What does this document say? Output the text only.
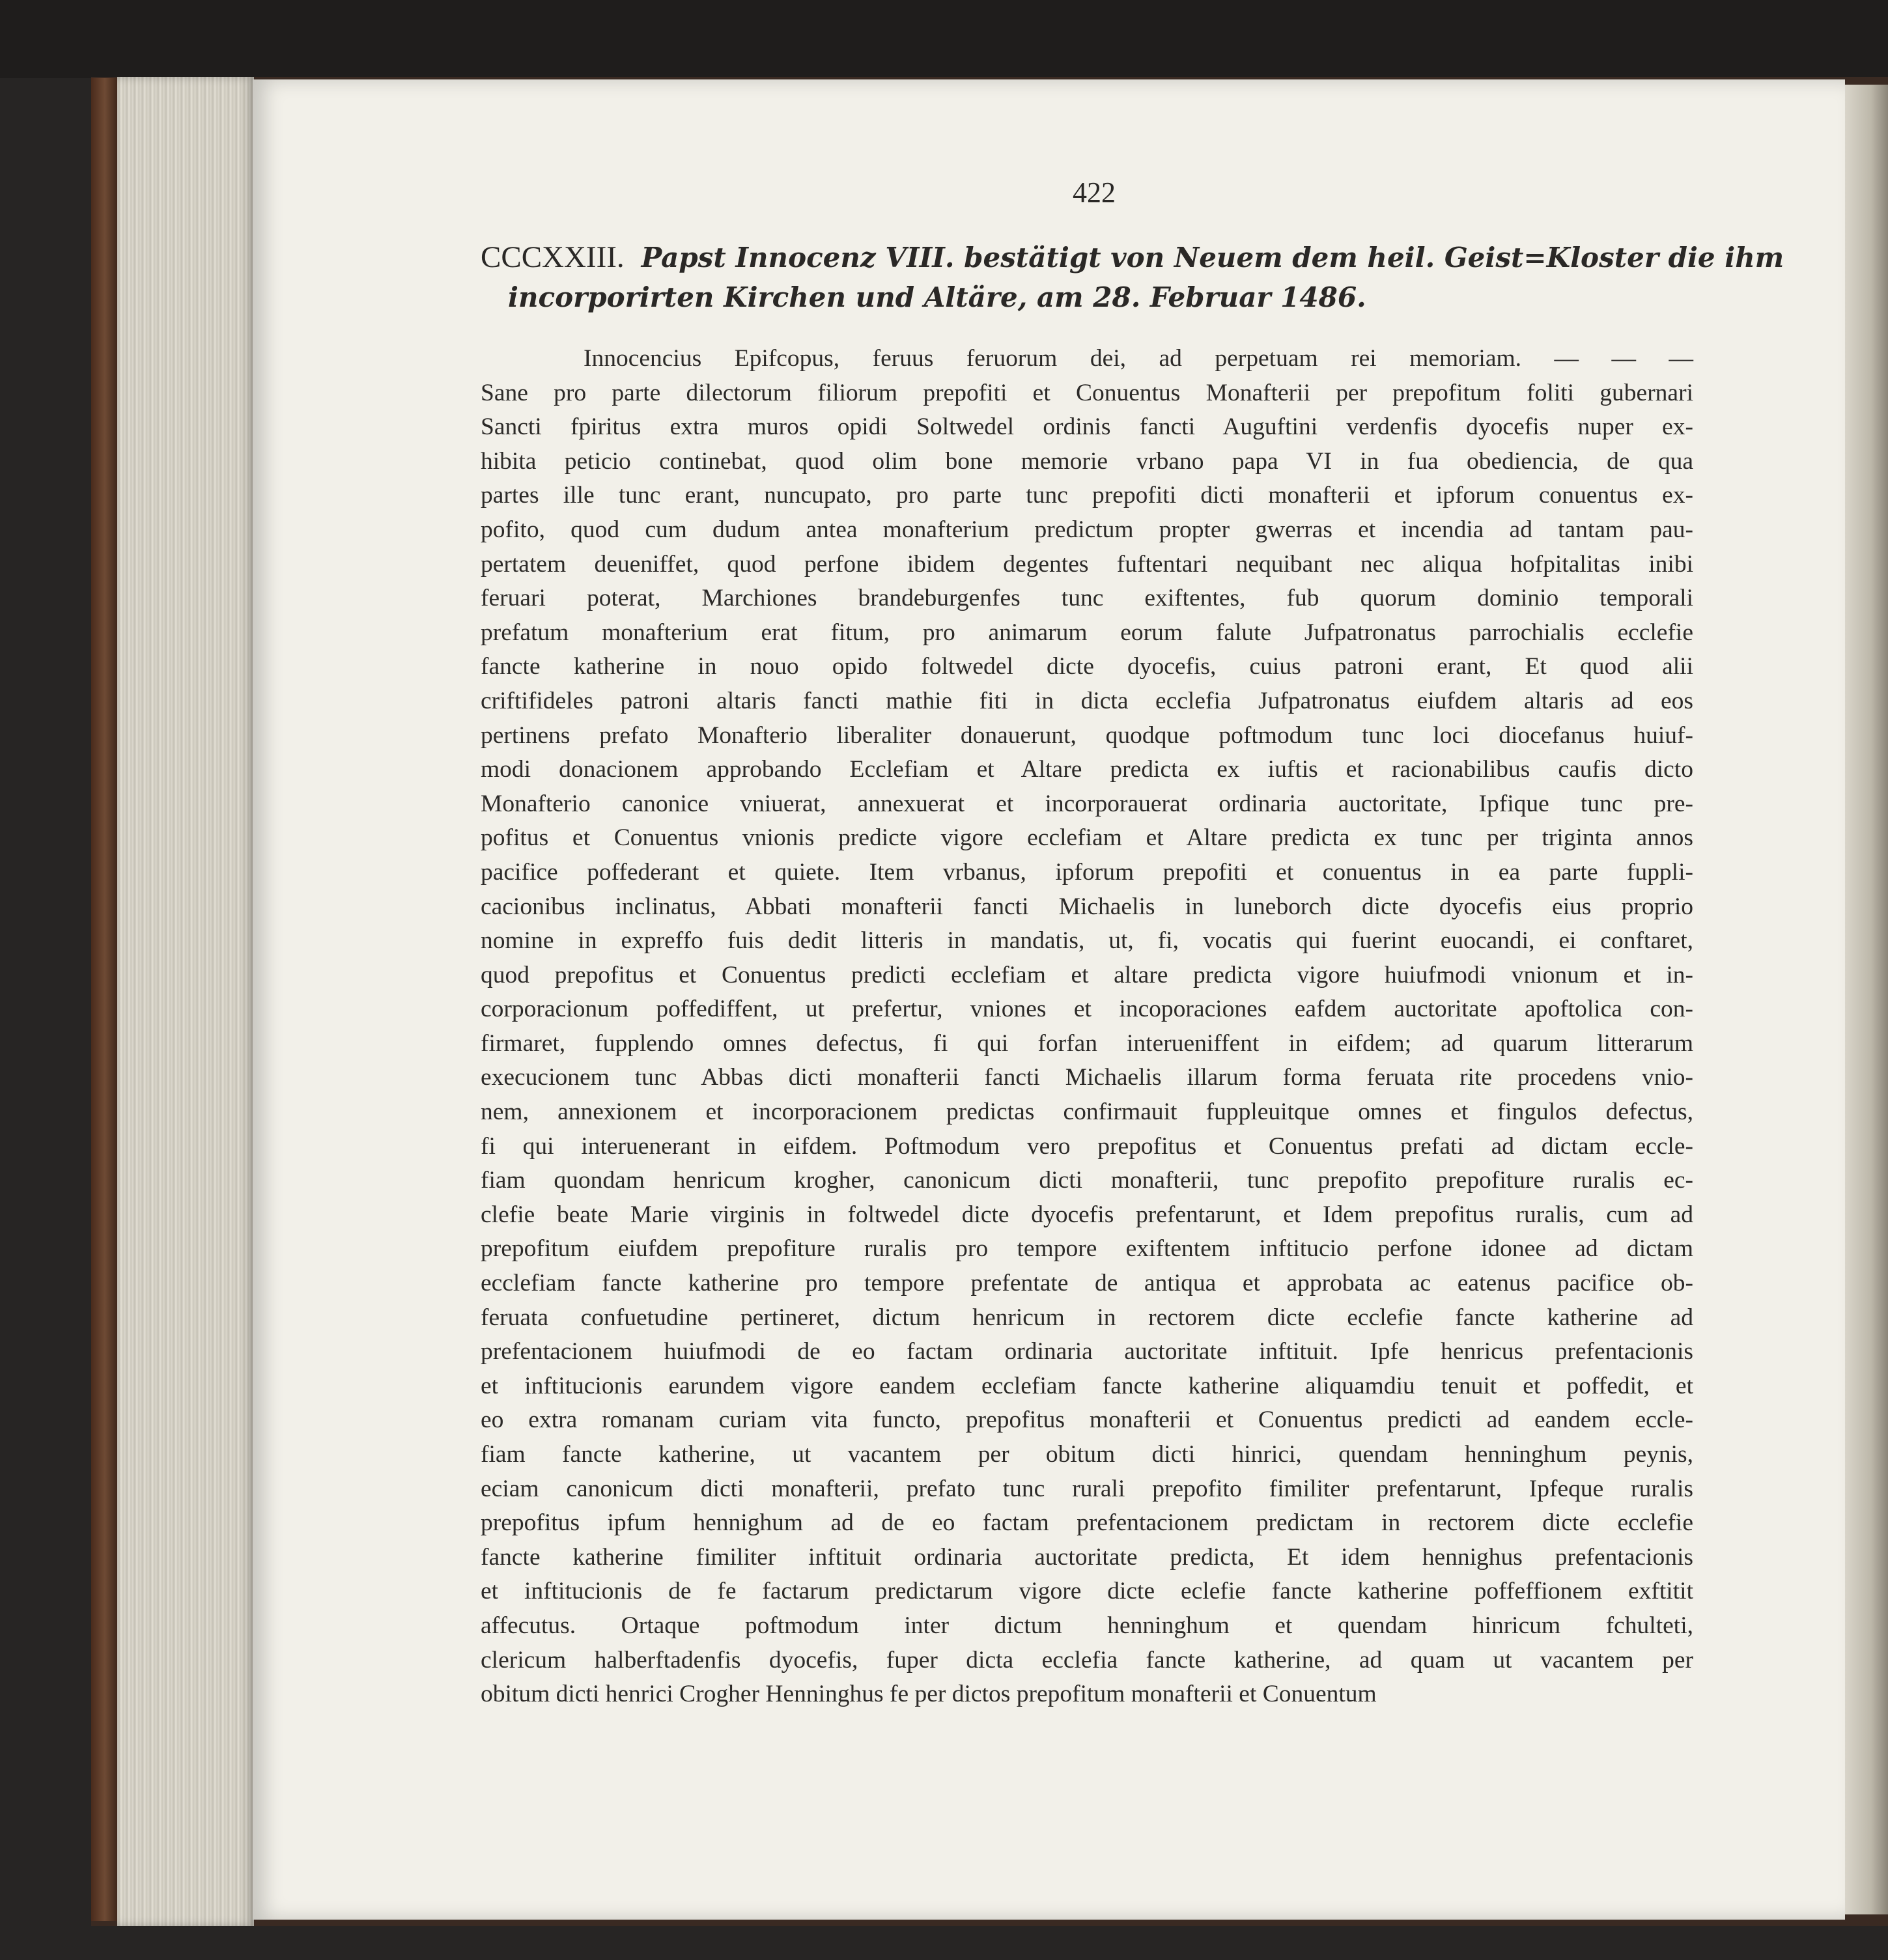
422
CCCXXIII. Papst Innocenz VIII. bestätigt von Neuem dem heil. Geist=Kloster die ihm
incorporirten Kirchen und Altäre, am 28. Februar 1486.
Innocencius Epifcopus, feruus feruorum dei, ad perpetuam rei memoriam. — — —
Sane pro parte dilectorum filiorum prepofiti et Conuentus Monafterii per prepofitum foliti gubernari
Sancti fpiritus extra muros opidi Soltwedel ordinis fancti Auguftini verdenfis dyocefis nuper ex-
hibita peticio continebat, quod olim bone memorie vrbano papa VI in fua obediencia, de qua
partes ille tunc erant, nuncupato, pro parte tunc prepofiti dicti monafterii et ipforum conuentus ex-
pofito, quod cum dudum antea monafterium predictum propter gwerras et incendia ad tantam pau-
pertatem deueniffet, quod perfone ibidem degentes fuftentari nequibant nec aliqua hofpitalitas inibi
feruari poterat, Marchiones brandeburgenfes tunc exiftentes, fub quorum dominio temporali
prefatum monafterium erat fitum, pro animarum eorum falute Jufpatronatus parrochialis ecclefie
fancte katherine in nouo opido foltwedel dicte dyocefis, cuius patroni erant, Et quod alii
criftifideles patroni altaris fancti mathie fiti in dicta ecclefia Jufpatronatus eiufdem altaris ad eos
pertinens prefato Monafterio liberaliter donauerunt, quodque poftmodum tunc loci diocefanus huiuf-
modi donacionem approbando Ecclefiam et Altare predicta ex iuftis et racionabilibus caufis dicto
Monafterio canonice vniuerat, annexuerat et incorporauerat ordinaria auctoritate, Ipfique tunc pre-
pofitus et Conuentus vnionis predicte vigore ecclefiam et Altare predicta ex tunc per triginta annos
pacifice poffederant et quiete. Item vrbanus, ipforum prepofiti et conuentus in ea parte fuppli-
cacionibus inclinatus, Abbati monafterii fancti Michaelis in luneborch dicte dyocefis eius proprio
nomine in expreffo fuis dedit litteris in mandatis, ut, fi, vocatis qui fuerint euocandi, ei conftaret,
quod prepofitus et Conuentus predicti ecclefiam et altare predicta vigore huiufmodi vnionum et in-
corporacionum poffediffent, ut prefertur, vniones et incoporaciones eafdem auctoritate apoftolica con-
firmaret, fupplendo omnes defectus, fi qui forfan interueniffent in eifdem; ad quarum litterarum
execucionem tunc Abbas dicti monafterii fancti Michaelis illarum forma feruata rite procedens vnio-
nem, annexionem et incorporacionem predictas confirmauit fuppleuitque omnes et fingulos defectus,
fi qui interuenerant in eifdem. Poftmodum vero prepofitus et Conuentus prefati ad dictam eccle-
fiam quondam henricum krogher, canonicum dicti monafterii, tunc prepofito prepofiture ruralis ec-
clefie beate Marie virginis in foltwedel dicte dyocefis prefentarunt, et Idem prepofitus ruralis, cum ad
prepofitum eiufdem prepofiture ruralis pro tempore exiftentem inftitucio perfone idonee ad dictam
ecclefiam fancte katherine pro tempore prefentate de antiqua et approbata ac eatenus pacifice ob-
feruata confuetudine pertineret, dictum henricum in rectorem dicte ecclefie fancte katherine ad
prefentacionem huiufmodi de eo factam ordinaria auctoritate inftituit. Ipfe henricus prefentacionis
et inftitucionis earundem vigore eandem ecclefiam fancte katherine aliquamdiu tenuit et poffedit, et
eo extra romanam curiam vita functo, prepofitus monafterii et Conuentus predicti ad eandem eccle-
fiam fancte katherine, ut vacantem per obitum dicti hinrici, quendam henninghum peynis,
eciam canonicum dicti monafterii, prefato tunc rurali prepofito fimiliter prefentarunt, Ipfeque ruralis
prepofitus ipfum hennighum ad de eo factam prefentacionem predictam in rectorem dicte ecclefie
fancte katherine fimiliter inftituit ordinaria auctoritate predicta, Et idem hennighus prefentacionis
et inftitucionis de fe factarum predictarum vigore dicte eclefie fancte katherine poffeffionem exftitit
affecutus. Ortaque poftmodum inter dictum henninghum et quendam hinricum fchulteti,
clericum halberftadenfis dyocefis, fuper dicta ecclefia fancte katherine, ad quam ut vacantem per
obitum dicti henrici Crogher Henninghus fe per dictos prepofitum monafterii et Conuentum
